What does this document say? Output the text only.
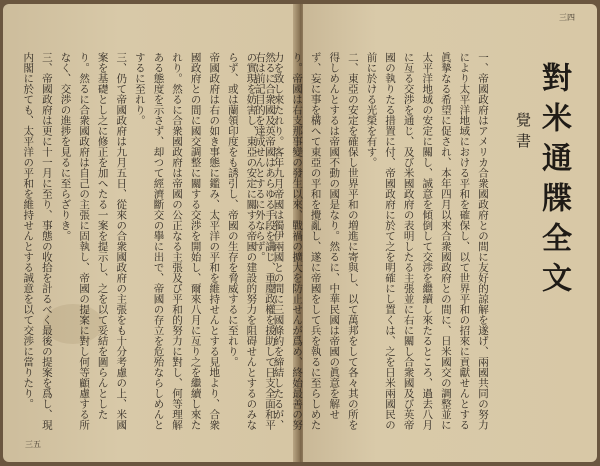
然るに合衆國及英帝國はあらゆる手段を講じ、重慶政權を援助して日支全面和平の實現を妨害し、東亞の安定に關する帝國の建設的努力を阻碍せんとするのみならず、或は蘭領印度をも誘引し、帝國の生存を脅威するに至れり。

帝國政府は右の如き事態に鑑み、太平洋の平和を維持せんとする見地より、合衆國政府との間に國交調整に關する交渉を開始し、爾來八月に亙り之を繼續し來たれり。然るに合衆國政府は帝國の公正なる主張及び平和的努力に對し、何等理解ある態度を示さず、却つて經濟斷交の擧に出で、帝國の存立を危殆ならしめんとするに至れり。

三、仍て帝國政府は九月五日、從來の合衆國政府の主張をも十分考慮の上、米國案を基礎とし之に修正を加へたる一案を提示し、之を以て妥結を圖らんとしたり。然るに合衆國政府は自己の主張に固執し、帝國の提案に對し何等顧慮する所なく、交渉の進捗を見るに至らざりき。

三、帝國政府は更に十一月に至り、事態の收拾を計るべく最後の提案を爲し、現内閣に於ても、太平洋の平和を維持せんとする誠意を以て交渉に當りたり。

三五
對米通牒全文
覺書

一、帝國政府はアメリカ合衆國政府との間に友好的諒解を遂げ、兩國共同の努力により太平洋地域における平和を確保し、以て世界平和の招來に貢獻せんとする眞摯なる希望に促され、本年四月以來合衆國政府との間に、日米國交の調整並に太平洋地域の安定に關し、誠意を傾倒して交渉を繼續し來たるところ、過去八月に亙る交渉を通じ、及び米國政府の表明したる主張並に右に關し合衆國及び英帝國の執りたる措置に付、帝國政府に於て之を明確にし置くは、之を日米兩國民の前に於ける光榮を有す。

二、東亞の安定を確保し世界平和の増進に寄與し、以て萬邦をして各々其の所を得しめんとするは帝國不動の國是なり。然るに、中華民國は帝國の眞意を解せず、妄に事を構へて東亞の平和を攪亂し、遂に帝國をして兵を執るに至らしめたり。帝國は右支那事變の發生以來、戰禍の擴大を防止せんが爲め、終始最善の努力を致し來たれり。客年九月帝國は獨伊兩國との間に三國條約を締結したるが、右は前記目的を達成せんとするに外ならず。

三四
